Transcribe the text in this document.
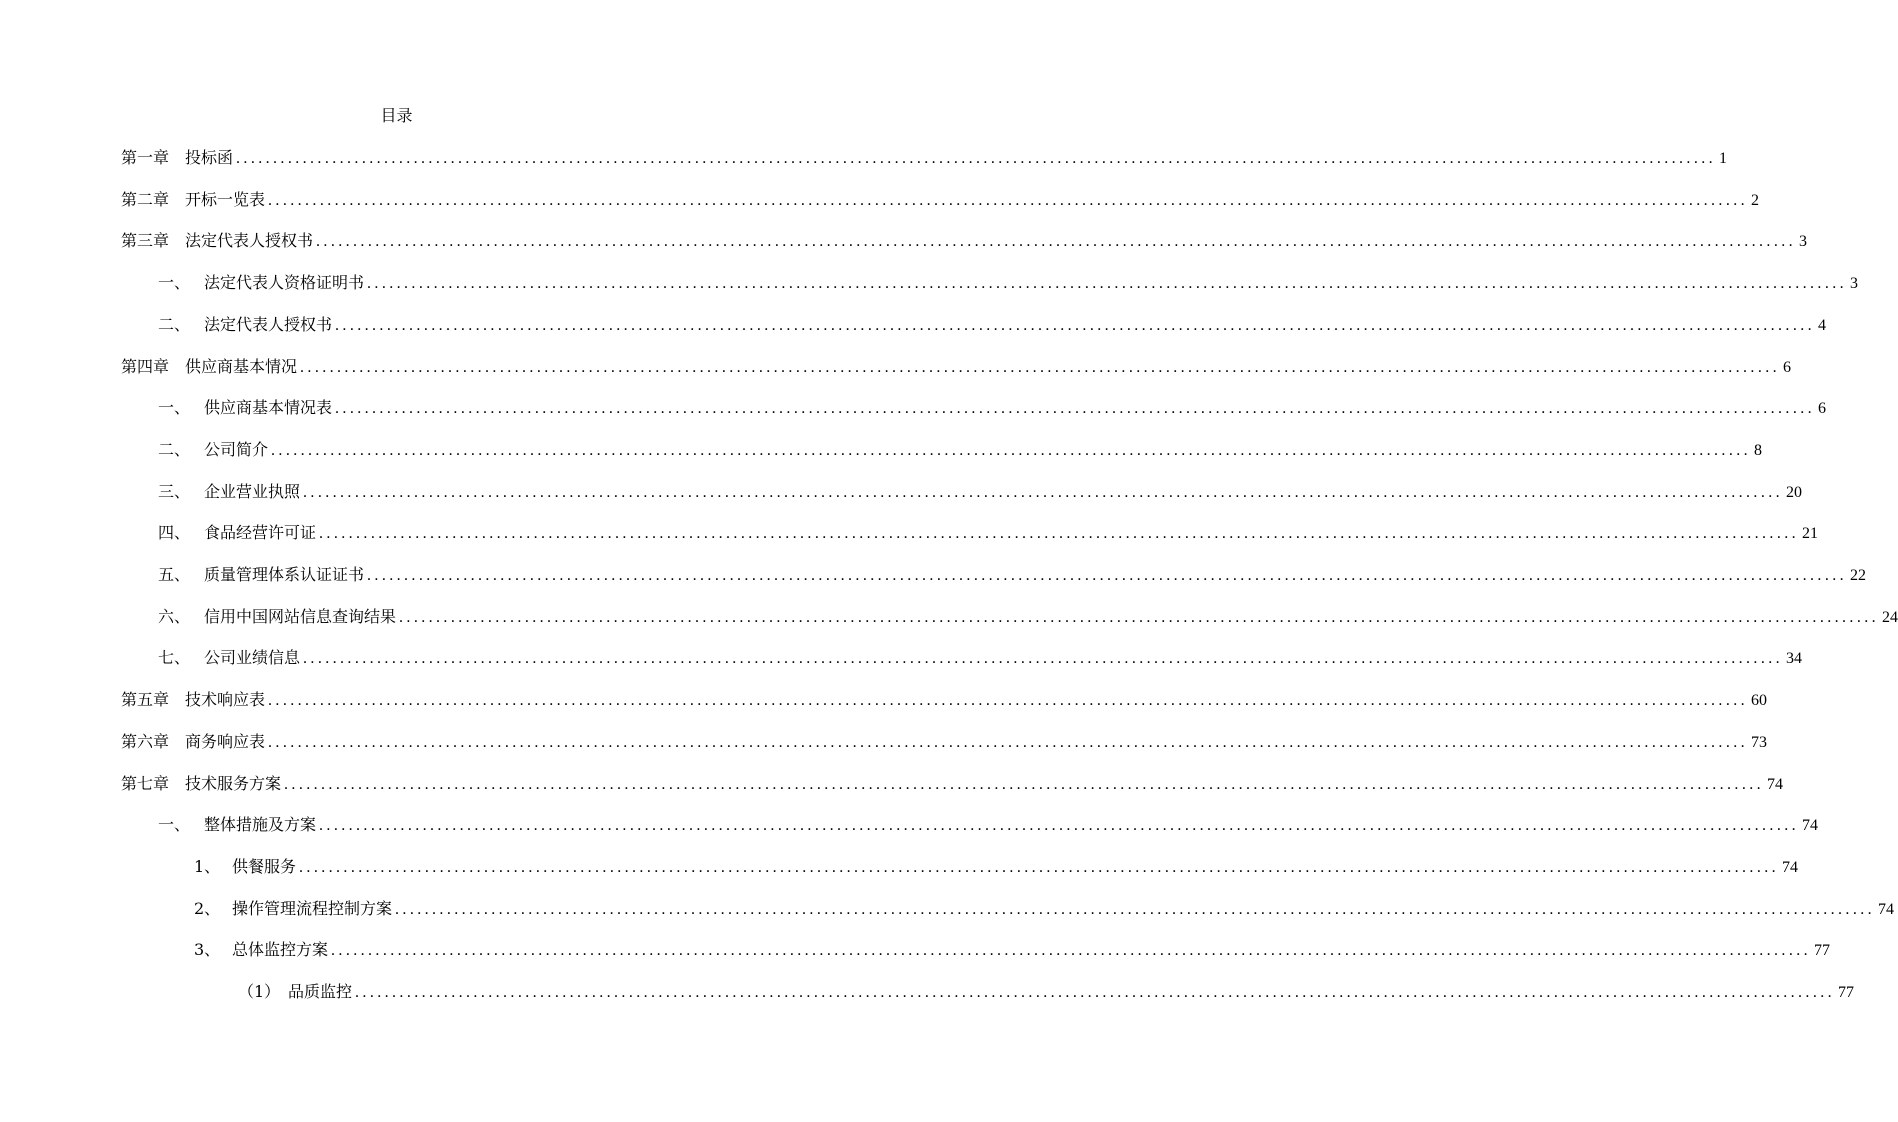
目录
第一章 投标函 ........................................................................................................................................................................................................ 1
第二章 开标一览表 ........................................................................................................................................................................................................ 2
第三章 法定代表人授权书 ........................................................................................................................................................................................................ 3
一、 法定代表人资格证明书 ........................................................................................................................................................................................................ 3
二、 法定代表人授权书 ........................................................................................................................................................................................................ 4
第四章 供应商基本情况 ........................................................................................................................................................................................................ 6
一、 供应商基本情况表 ........................................................................................................................................................................................................ 6
二、 公司简介 ........................................................................................................................................................................................................ 8
三、 企业营业执照 ........................................................................................................................................................................................................ 20
四、 食品经营许可证 ........................................................................................................................................................................................................ 21
五、 质量管理体系认证证书 ........................................................................................................................................................................................................ 22
六、 信用中国网站信息查询结果 ........................................................................................................................................................................................................ 24
七、 公司业绩信息 ........................................................................................................................................................................................................ 34
第五章 技术响应表 ........................................................................................................................................................................................................ 60
第六章 商务响应表 ........................................................................................................................................................................................................ 73
第七章 技术服务方案 ........................................................................................................................................................................................................ 74
一、 整体措施及方案 ........................................................................................................................................................................................................ 74
1、 供餐服务 ........................................................................................................................................................................................................ 74
2、 操作管理流程控制方案 ........................................................................................................................................................................................................ 74
3、 总体监控方案 ........................................................................................................................................................................................................ 77
（1） 品质监控 ........................................................................................................................................................................................................ 77
